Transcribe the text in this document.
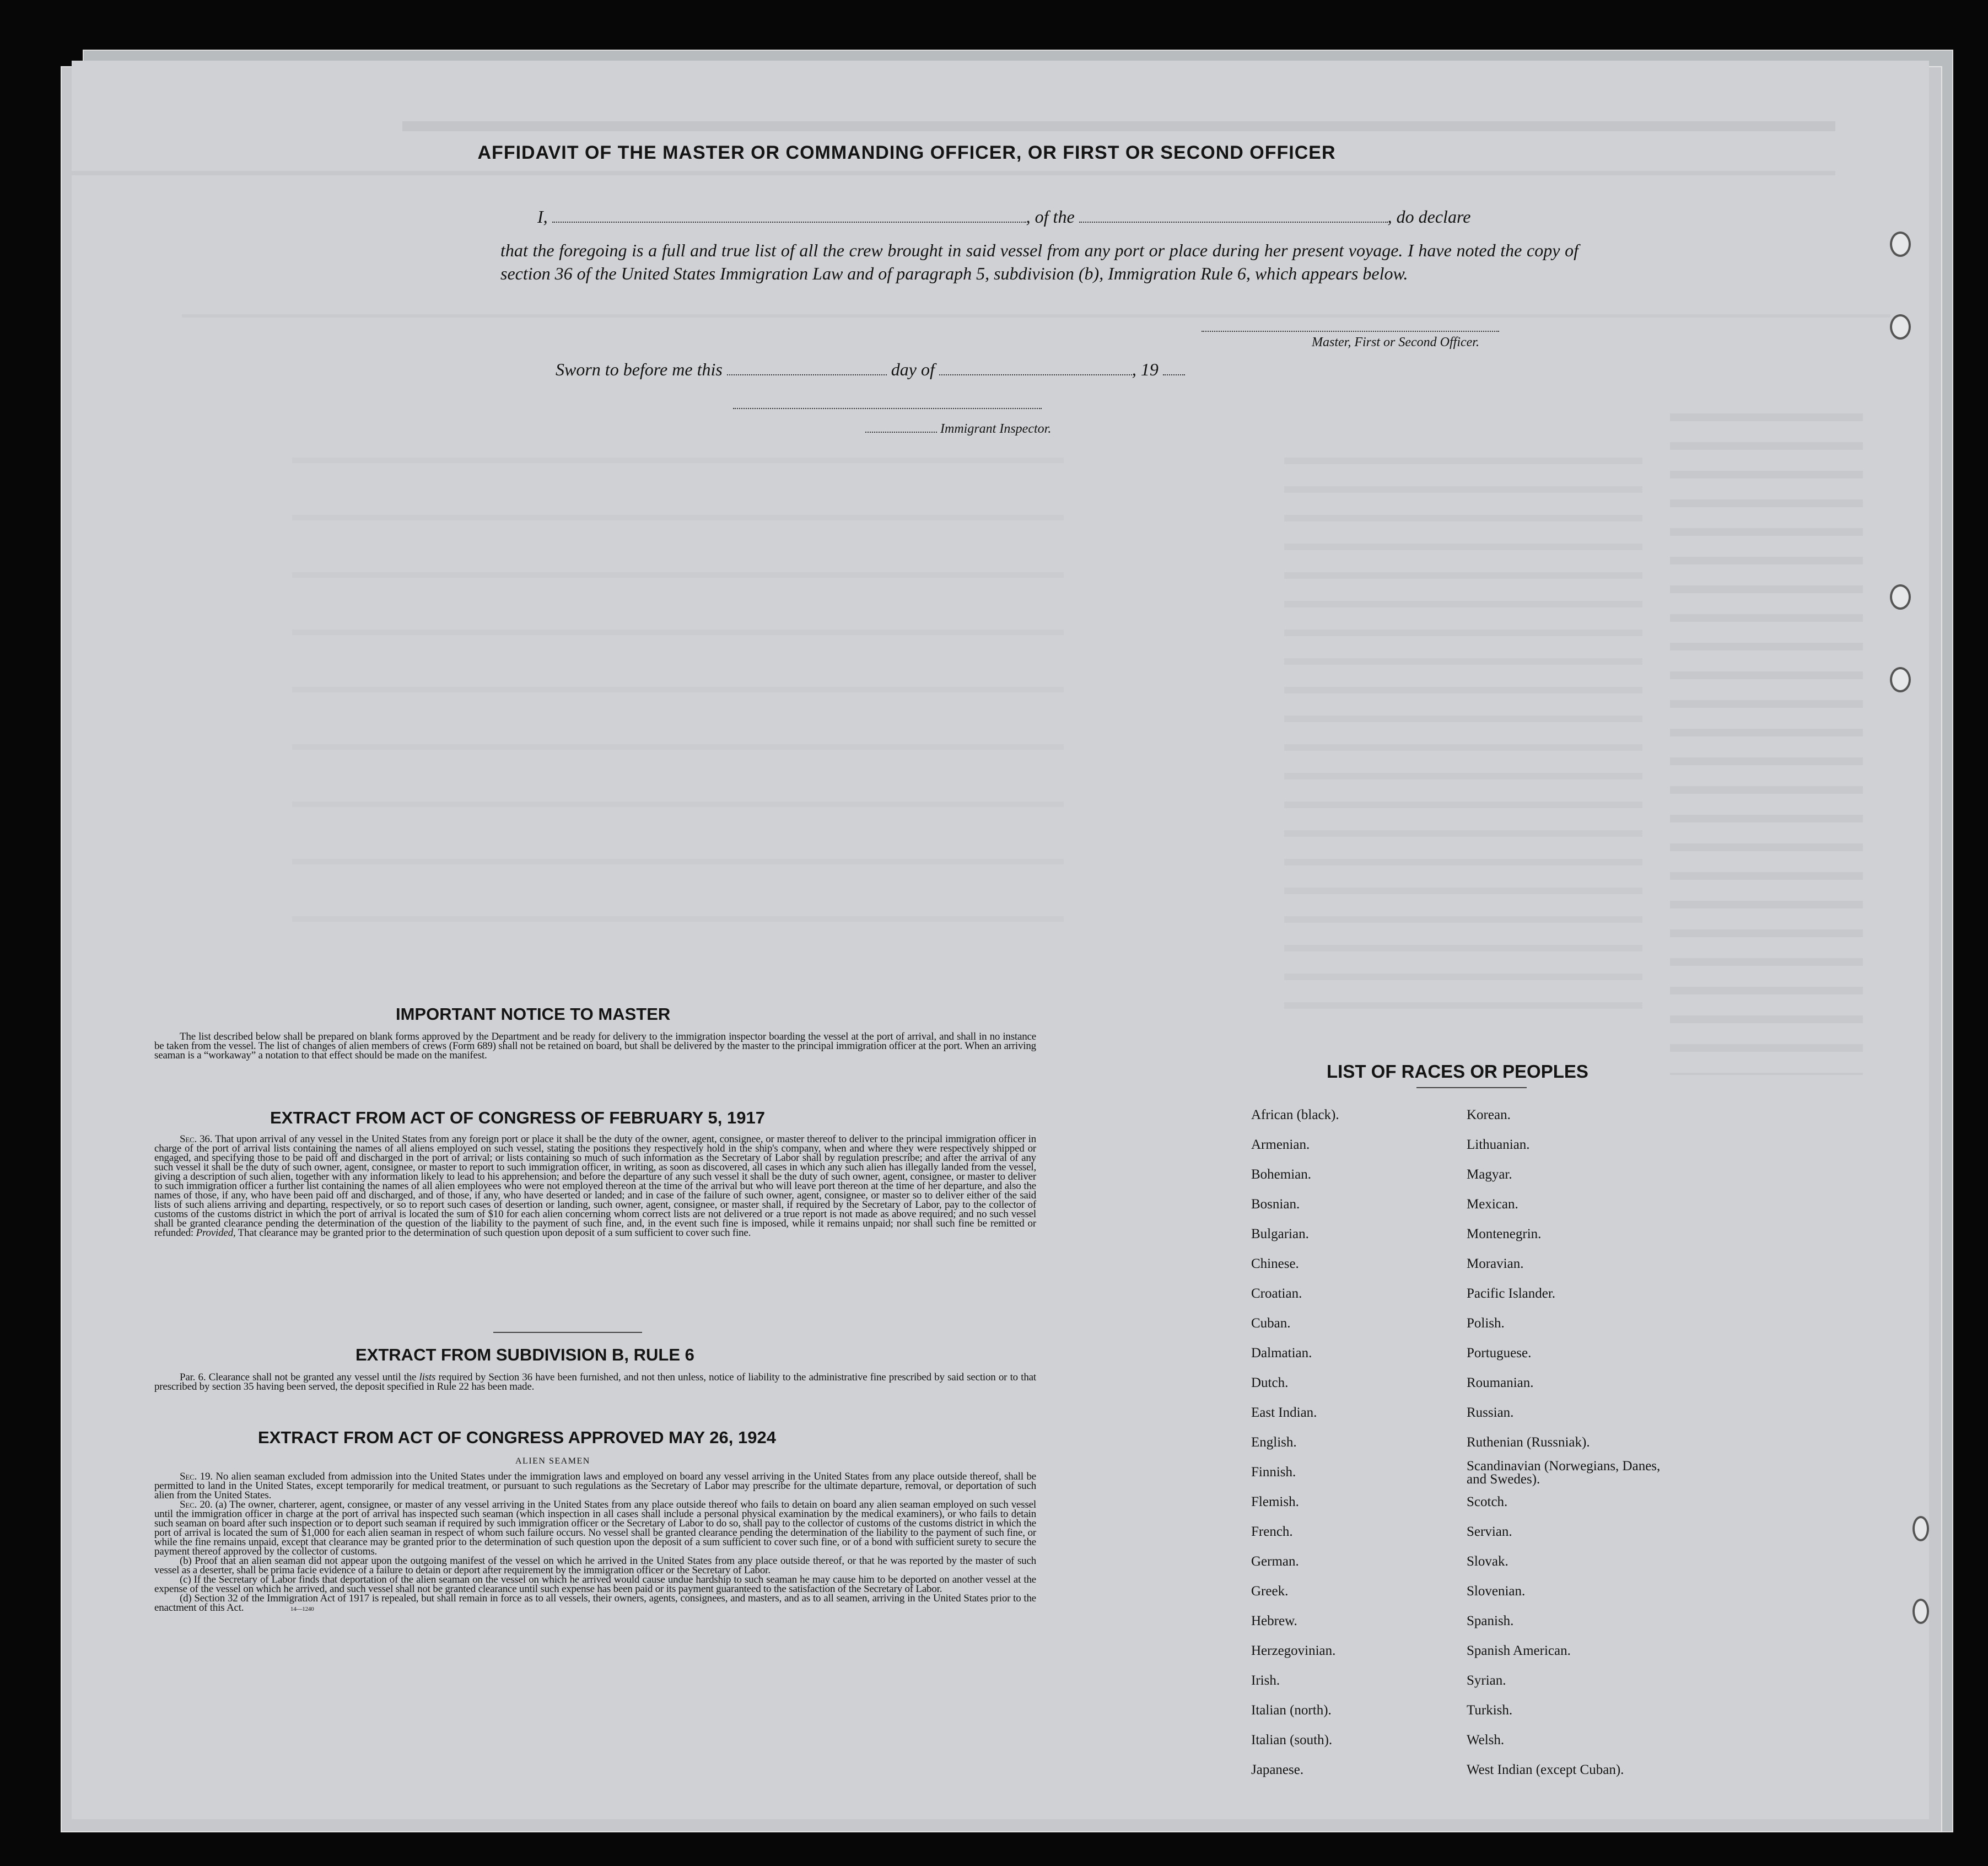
AFFIDAVIT OF THE MASTER OR COMMANDING OFFICER, OR FIRST OR SECOND OFFICER
I,	, of the	, do declare
that the foregoing is a full and true list of all the crew brought in said vessel from any port or place during her present voyage. I have noted the copy of section 36 of the United States Immigration Law and of paragraph 5, subdivision (b), Immigration Rule 6, which appears below.
Master, First or Second Officer.
Sworn to before me this	day of	, 19
Immigrant Inspector.
IMPORTANT NOTICE TO MASTER

The list described below shall be prepared on blank forms approved by the Department and be ready for delivery to the immigration inspector boarding the vessel at the port of arrival, and shall in no instance be taken from the vessel. The list of changes of alien members of crews (Form 689) shall not be retained on board, but shall be delivered by the master to the principal immigration officer at the port. When an arriving seaman is a “workaway” a notation to that effect should be made on the manifest.

EXTRACT FROM ACT OF CONGRESS OF FEBRUARY 5, 1917

Sec. 36. That upon arrival of any vessel in the United States from any foreign port or place it shall be the duty of the owner, agent, consignee, or master thereof to deliver to the principal immigration officer in charge of the port of arrival lists containing the names of all aliens employed on such vessel, stating the positions they respectively hold in the ship's company, when and where they were respectively shipped or engaged, and specifying those to be paid off and discharged in the port of arrival; or lists containing so much of such information as the Secretary of Labor shall by regulation prescribe; and after the arrival of any such vessel it shall be the duty of such owner, agent, consignee, or master to report to such immigration officer, in writing, as soon as discovered, all cases in which any such alien has illegally landed from the vessel, giving a description of such alien, together with any information likely to lead to his apprehension; and before the departure of any such vessel it shall be the duty of such owner, agent, consignee, or master to deliver to such immigration officer a further list containing the names of all alien employees who were not employed thereon at the time of the arrival but who will leave port thereon at the time of her departure, and also the names of those, if any, who have been paid off and discharged, and of those, if any, who have deserted or landed; and in case of the failure of such owner, agent, consignee, or master so to deliver either of the said lists of such aliens arriving and departing, respectively, or so to report such cases of desertion or landing, such owner, agent, consignee, or master shall, if required by the Secretary of Labor, pay to the collector of customs of the customs district in which the port of arrival is located the sum of $10 for each alien concerning whom correct lists are not delivered or a true report is not made as above required; and no such vessel shall be granted clearance pending the determination of the question of the liability to the payment of such fine, and, in the event such fine is imposed, while it remains unpaid; nor shall such fine be remitted or refunded: Provided, That clearance may be granted prior to the determination of such question upon deposit of a sum sufficient to cover such fine.

EXTRACT FROM SUBDIVISION B, RULE 6

Par. 6. Clearance shall not be granted any vessel until the lists required by Section 36 have been furnished, and not then unless, notice of liability to the administrative fine prescribed by said section or to that prescribed by section 35 having been served, the deposit specified in Rule 22 has been made.

EXTRACT FROM ACT OF CONGRESS APPROVED MAY 26, 1924
ALIEN SEAMEN

Sec. 19. No alien seaman excluded from admission into the United States under the immigration laws and employed on board any vessel arriving in the United States from any place outside thereof, shall be permitted to land in the United States, except temporarily for medical treatment, or pursuant to such regulations as the Secretary of Labor may prescribe for the ultimate departure, removal, or deportation of such alien from the United States.

Sec. 20. (a) The owner, charterer, agent, consignee, or master of any vessel arriving in the United States from any place outside thereof who fails to detain on board any alien seaman employed on such vessel until the immigration officer in charge at the port of arrival has inspected such seaman (which inspection in all cases shall include a personal physical examination by the medical examiners), or who fails to detain such seaman on board after such inspection or to deport such seaman if required by such immigration officer or the Secretary of Labor to do so, shall pay to the collector of customs of the customs district in which the port of arrival is located the sum of $1,000 for each alien seaman in respect of whom such failure occurs. No vessel shall be granted clearance pending the determination of the liability to the payment of such fine, or while the fine remains unpaid, except that clearance may be granted prior to the determination of such question upon the deposit of a sum sufficient to cover such fine, or of a bond with sufficient surety to secure the payment thereof approved by the collector of customs.

(b) Proof that an alien seaman did not appear upon the outgoing manifest of the vessel on which he arrived in the United States from any place outside thereof, or that he was reported by the master of such vessel as a deserter, shall be prima facie evidence of a failure to detain or deport after requirement by the immigration officer or the Secretary of Labor.

(c) If the Secretary of Labor finds that deportation of the alien seaman on the vessel on which he arrived would cause undue hardship to such seaman he may cause him to be deported on another vessel at the expense of the vessel on which he arrived, and such vessel shall not be granted clearance until such expense has been paid or its payment guaranteed to the satisfaction of the Secretary of Labor.

(d) Section 32 of the Immigration Act of 1917 is repealed, but shall remain in force as to all vessels, their owners, agents, consignees, and masters, and as to all seamen, arriving in the United States prior to the enactment of this Act.	14—1240

LIST OF RACES OR PEOPLES
African (black).
Armenian.
Bohemian.
Bosnian.
Bulgarian.
Chinese.
Croatian.
Cuban.
Dalmatian.
Dutch.
East Indian.
English.
Finnish.
Flemish.
French.
German.
Greek.
Hebrew.
Herzegovinian.
Irish.
Italian (north).
Italian (south).
Japanese.
Korean.
Lithuanian.
Magyar.
Mexican.
Montenegrin.
Moravian.
Pacific Islander.
Polish.
Portuguese.
Roumanian.
Russian.
Ruthenian (Russniak).
Scandinavian (Norwegians, Danes, and Swedes).
Scotch.
Servian.
Slovak.
Slovenian.
Spanish.
Spanish American.
Syrian.
Turkish.
Welsh.
West Indian (except Cuban).
